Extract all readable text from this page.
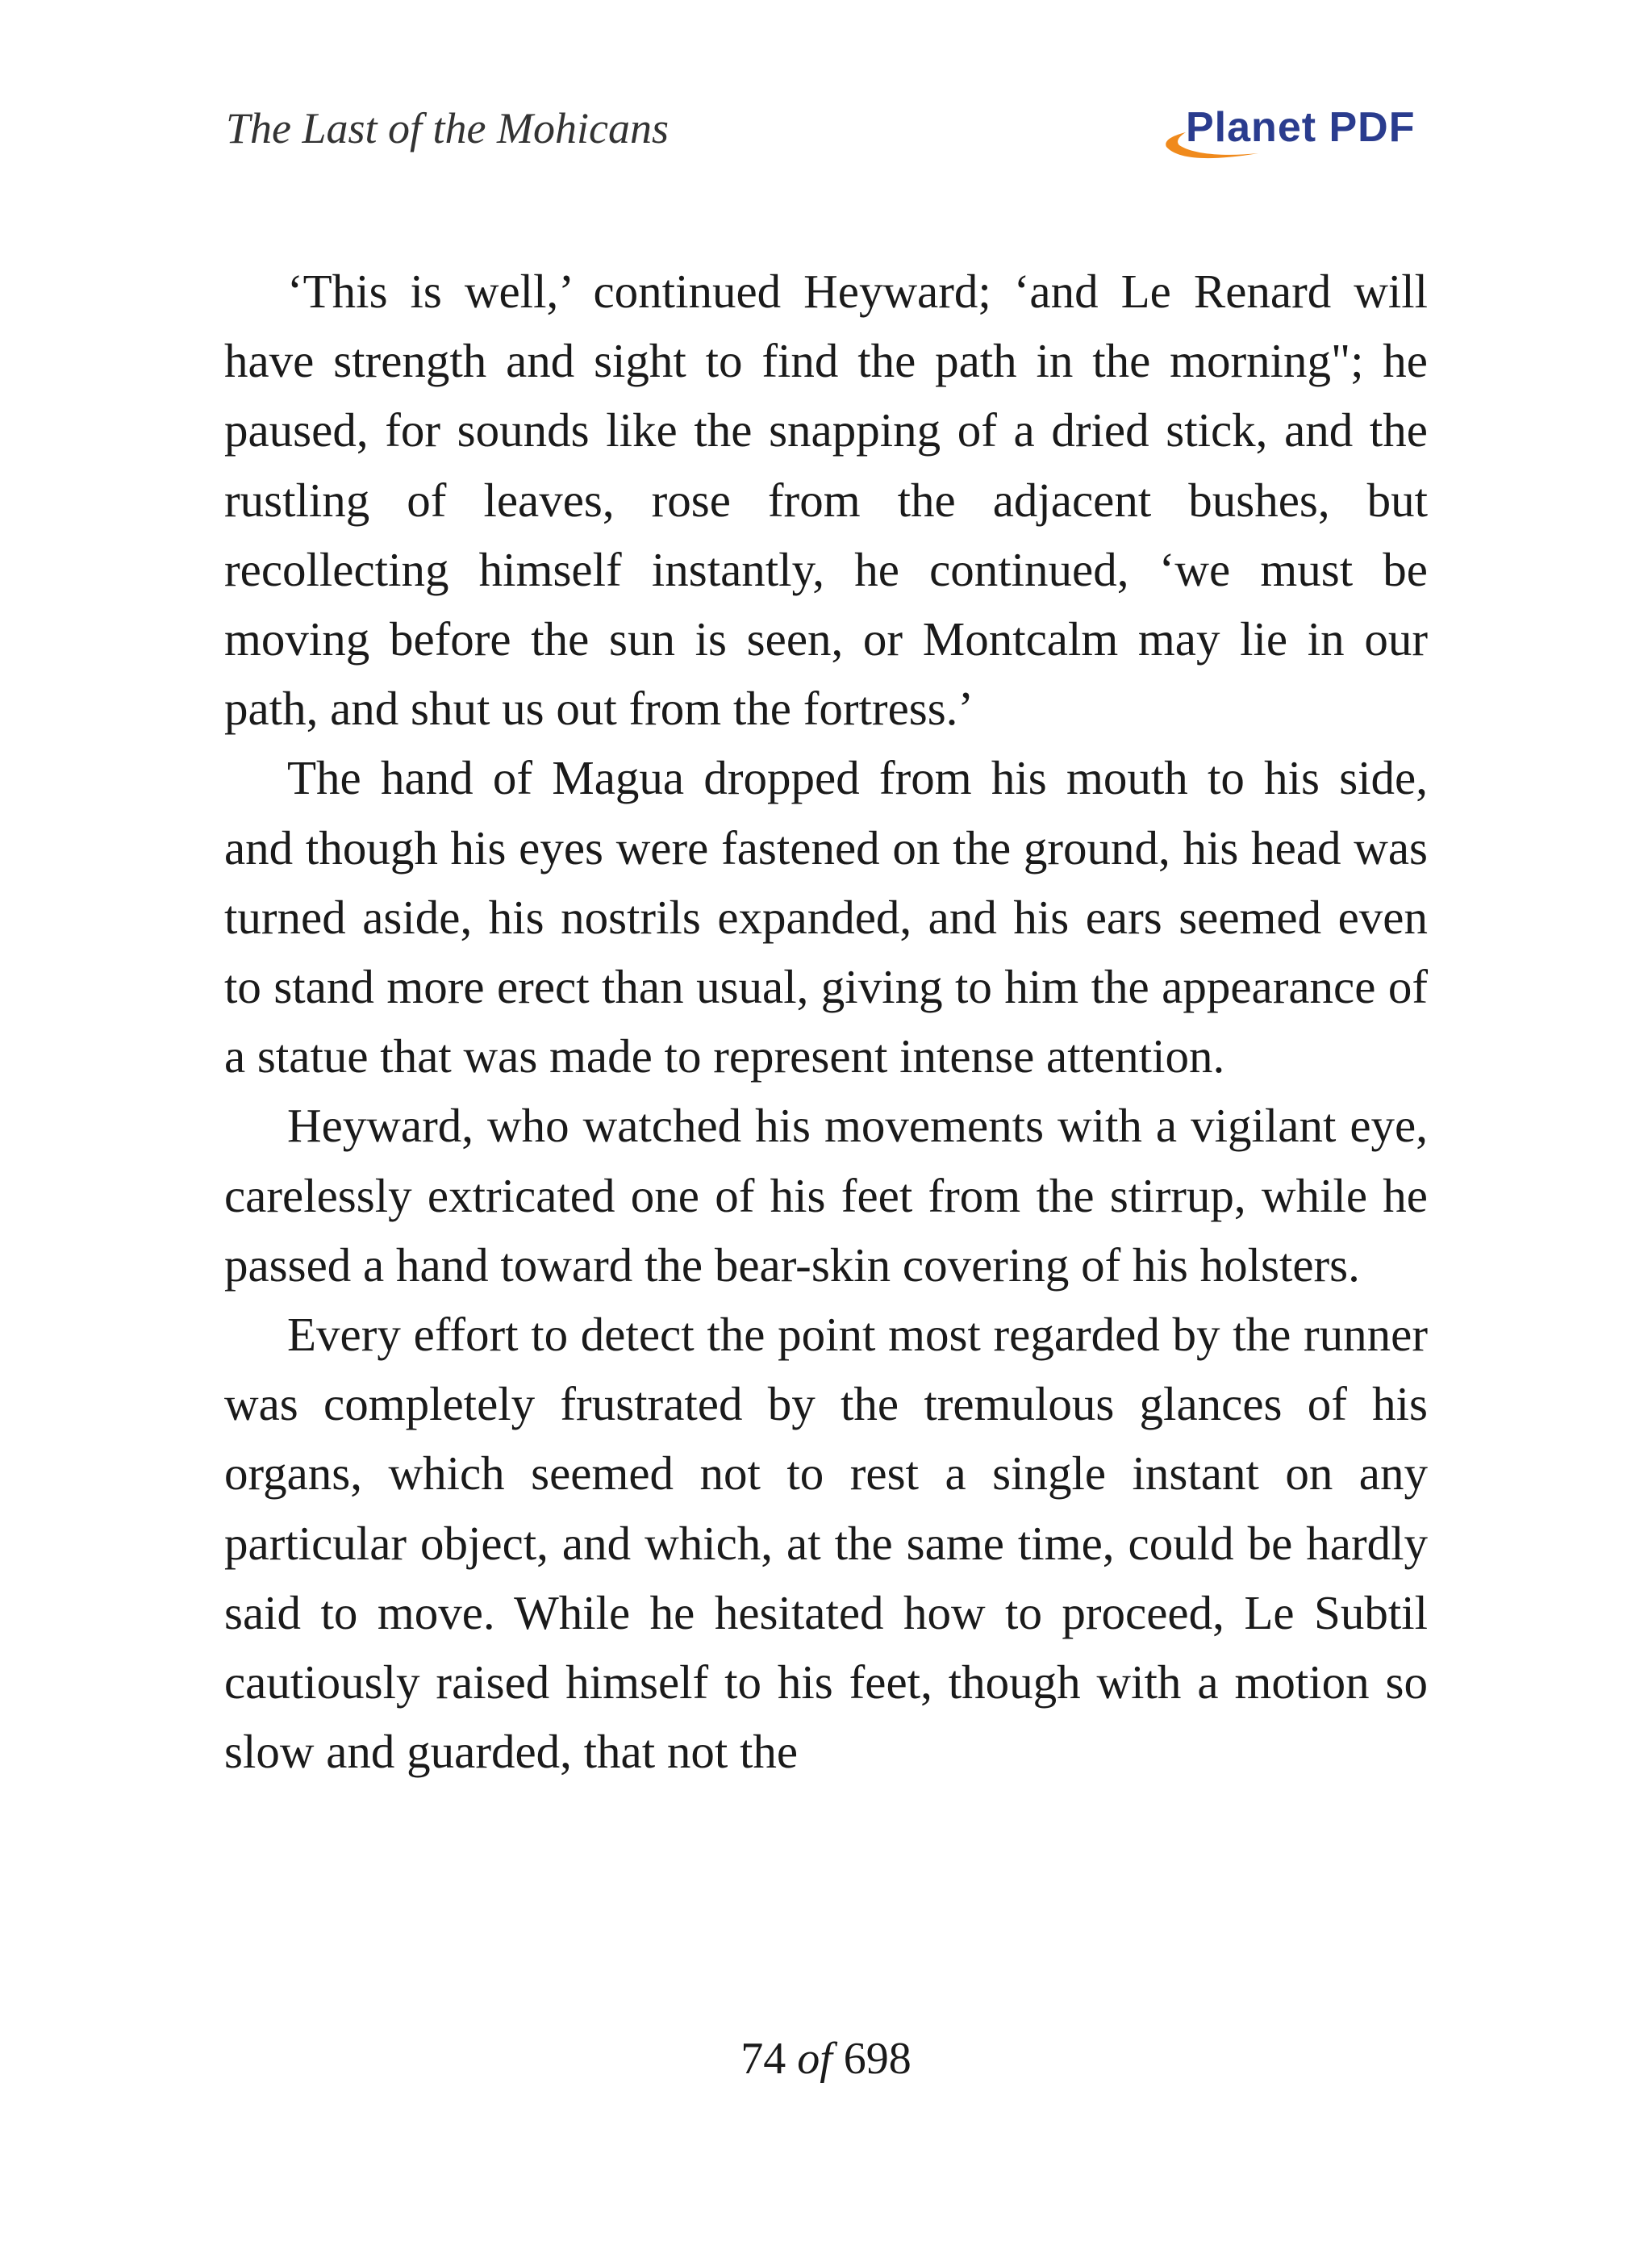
The Last of the Mohicans	Planet PDF

‘This is well,’ continued Heyward; ‘and Le Renard will have strength and sight to find the path in the morning"; he paused, for sounds like the snapping of a dried stick, and the rustling of leaves, rose from the adjacent bushes, but recollecting himself instantly, he continued, ‘we must be moving before the sun is seen, or Montcalm may lie in our path, and shut us out from the fortress.’

The hand of Magua dropped from his mouth to his side, and though his eyes were fastened on the ground, his head was turned aside, his nostrils expanded, and his ears seemed even to stand more erect than usual, giving to him the appearance of a statue that was made to represent intense attention.

Heyward, who watched his movements with a vigilant eye, carelessly extricated one of his feet from the stirrup, while he passed a hand toward the bear-skin covering of his holsters.

Every effort to detect the point most regarded by the runner was completely frustrated by the tremulous glances of his organs, which seemed not to rest a single instant on any particular object, and which, at the same time, could be hardly said to move. While he hesitated how to proceed, Le Subtil cautiously raised himself to his feet, though with a motion so slow and guarded, that not the

74 of 698
